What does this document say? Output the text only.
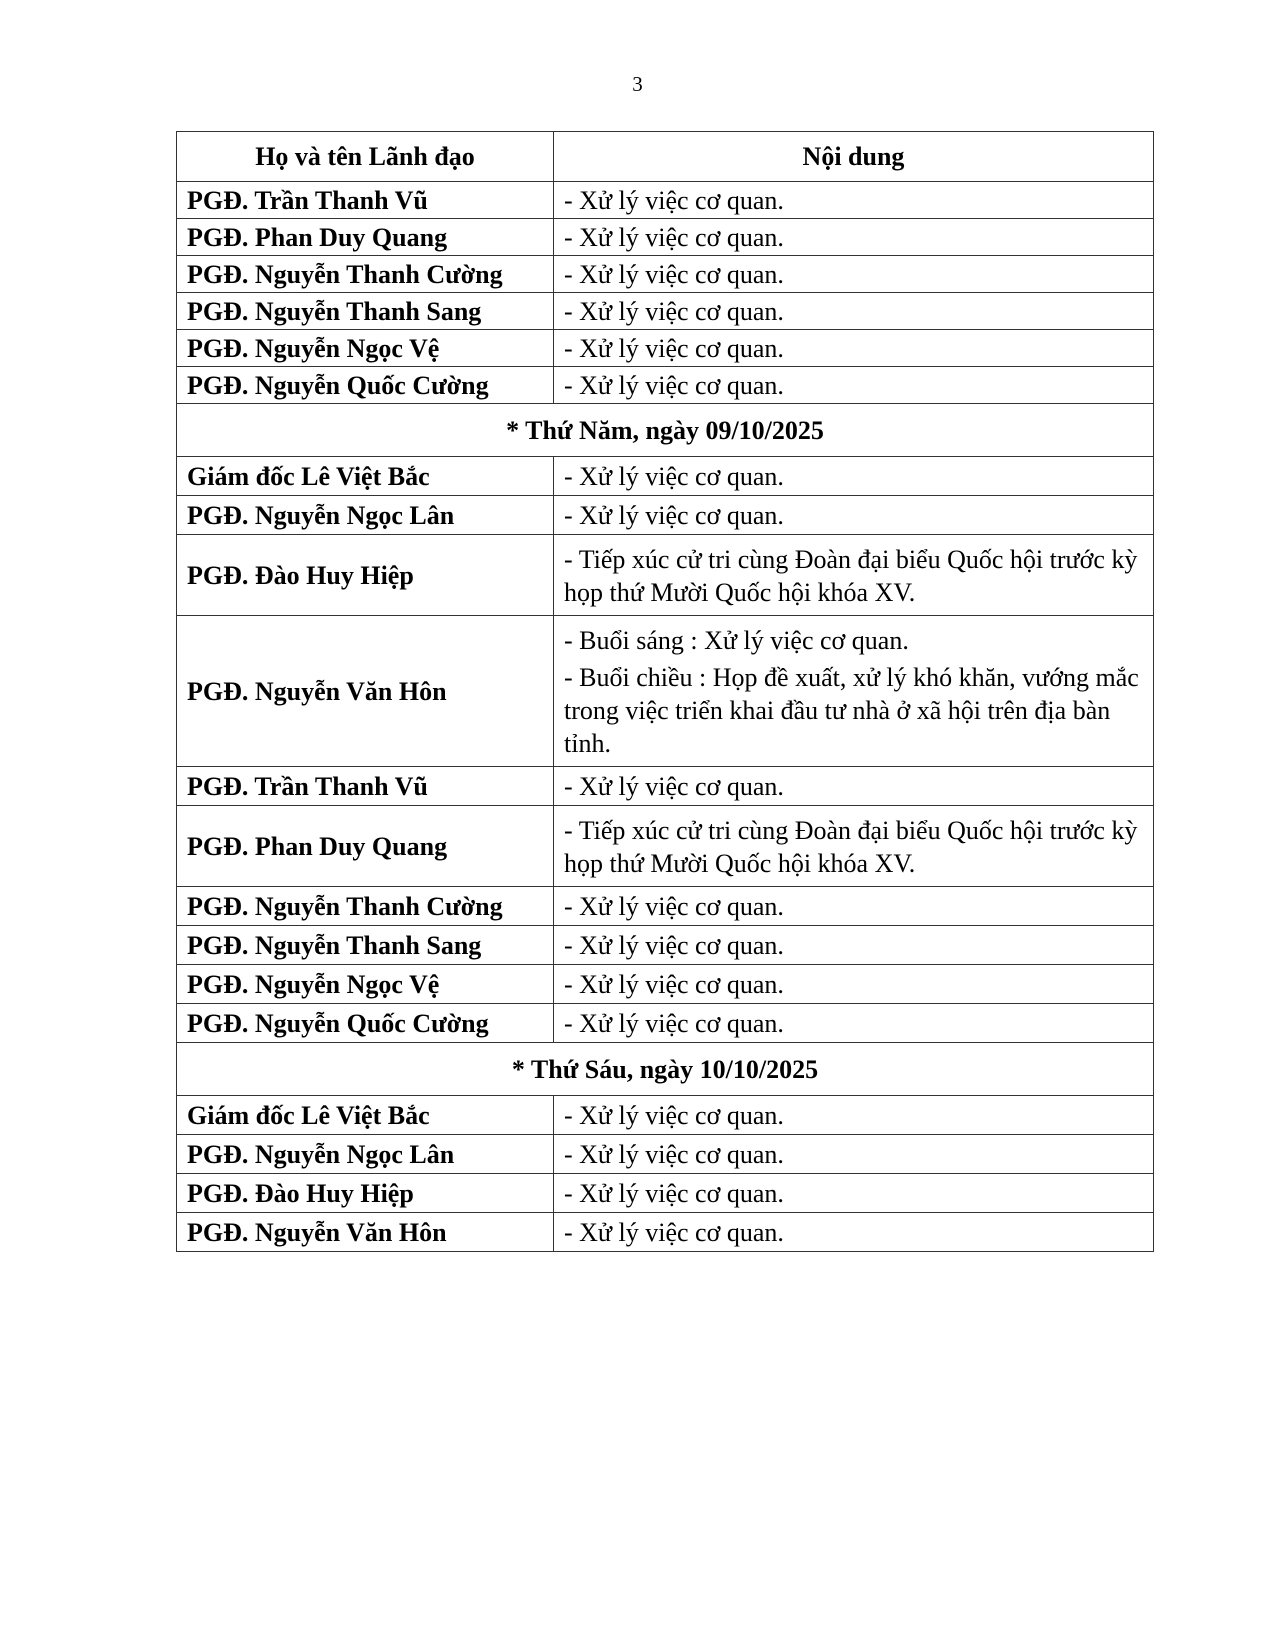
3
Họ và tên Lãnh đạo	Nội dung
PGĐ. Trần Thanh Vũ	- Xử lý việc cơ quan.
PGĐ. Phan Duy Quang	- Xử lý việc cơ quan.
PGĐ. Nguyễn Thanh Cường	- Xử lý việc cơ quan.
PGĐ. Nguyễn Thanh Sang	- Xử lý việc cơ quan.
PGĐ. Nguyễn Ngọc Vệ	- Xử lý việc cơ quan.
PGĐ. Nguyễn Quốc Cường	- Xử lý việc cơ quan.
* Thứ Năm, ngày 09/10/2025	
Giám đốc Lê Việt Bắc	- Xử lý việc cơ quan.
PGĐ. Nguyễn Ngọc Lân	- Xử lý việc cơ quan.
PGĐ. Đào Huy Hiệp	- Tiếp xúc cử tri cùng Đoàn đại biểu Quốc hội trước kỳ họp thứ Mười Quốc hội khóa XV.
PGĐ. Nguyễn Văn Hôn	- Buổi sáng : Xử lý việc cơ quan.
- Buổi chiều : Họp đề xuất, xử lý khó khăn, vướng mắc trong việc triển khai đầu tư nhà ở xã hội trên địa bàn tỉnh.

PGĐ. Trần Thanh Vũ	- Xử lý việc cơ quan.
PGĐ. Phan Duy Quang	- Tiếp xúc cử tri cùng Đoàn đại biểu Quốc hội trước kỳ họp thứ Mười Quốc hội khóa XV.
PGĐ. Nguyễn Thanh Cường	- Xử lý việc cơ quan.
PGĐ. Nguyễn Thanh Sang	- Xử lý việc cơ quan.
PGĐ. Nguyễn Ngọc Vệ	- Xử lý việc cơ quan.
PGĐ. Nguyễn Quốc Cường	- Xử lý việc cơ quan.
* Thứ Sáu, ngày 10/10/2025	
Giám đốc Lê Việt Bắc	- Xử lý việc cơ quan.
PGĐ. Nguyễn Ngọc Lân	- Xử lý việc cơ quan.
PGĐ. Đào Huy Hiệp	- Xử lý việc cơ quan.
PGĐ. Nguyễn Văn Hôn	- Xử lý việc cơ quan.
